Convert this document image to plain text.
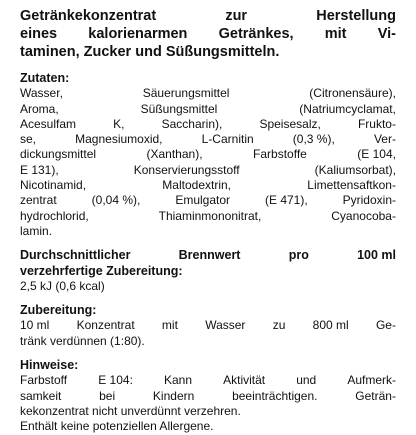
Getränkekonzentrat	zur	Herstellung
eines kalorienarmen Getränkes, mit Vi-
taminen, Zucker und Süßungsmitteln.
Zutaten:
Wasser,	Säuerungsmittel	(Citronensäure),
Aroma,	Süßungsmittel	(Natriumcyclamat,
Acesulfam	K,	Saccharin),	Speisesalz,	Frukto-
se,	Magnesiumoxid,	L-Carnitin	(0,3 %),	Ver-
dickungsmittel	(Xanthan),	Farbstoffe	(E 104,
E 131),	Konservierungsstoff	(Kaliumsorbat),
Nicotinamid,	Maltodextrin,	Limettensaftkon-
zentrat	(0,04 %),	Emulgator	(E 471),	Pyridoxin-
hydrochlorid,	Thiaminmononitrat,	Cyanocoba-
lamin.
Durchschnittlicher	Brennwert	pro	100 ml
verzehrfertige Zubereitung:
2,5 kJ (0,6 kcal)
Zubereitung:
10 ml Konzentrat mit Wasser zu 800 ml Ge-
tränk verdünnen (1:80).
Hinweise:
Farbstoff	E 104:	Kann	Aktivität	und	Aufmerk-
samkeit	bei	Kindern	beeinträchtigen.	Geträn-
kekonzentrat nicht unverdünnt verzehren.
Enthält keine potenziellen Allergene.
